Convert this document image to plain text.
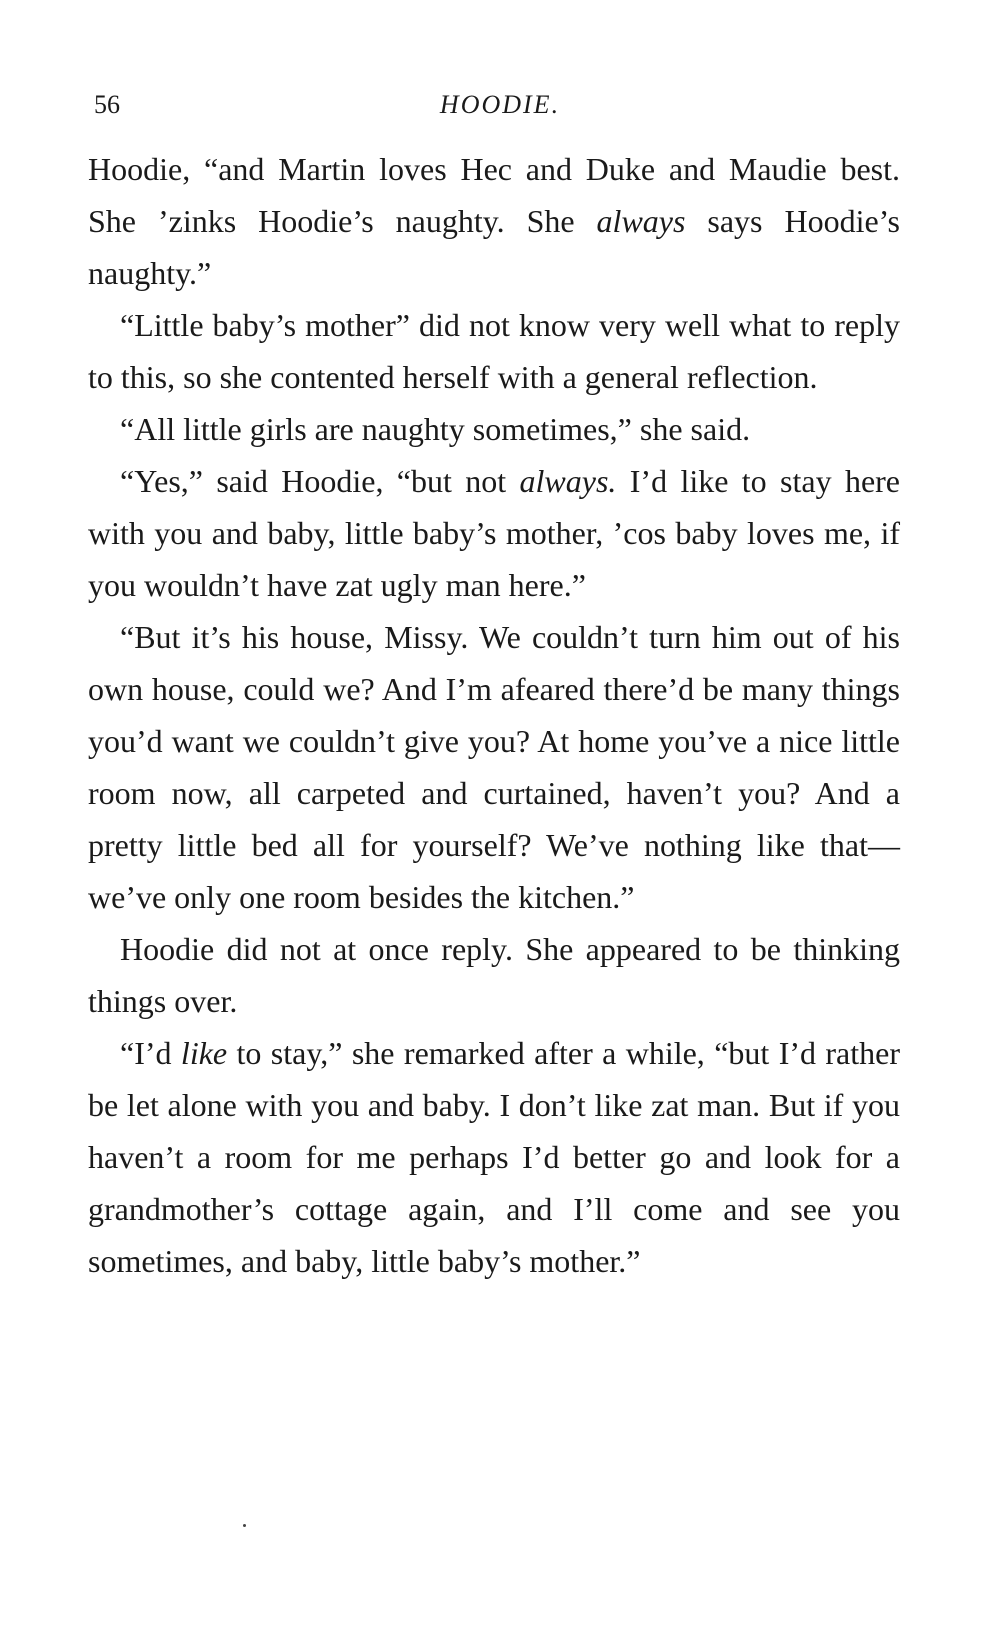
56	HOODIE.

Hoodie, “and Martin loves Hec and Duke and Maudie best. She ’zinks Hoodie’s naughty. She always says Hoodie’s naughty.”

“Little baby’s mother” did not know very well what to reply to this, so she contented herself with a general reflection.

“All little girls are naughty sometimes,” she said.

“Yes,” said Hoodie, “but not always. I’d like to stay here with you and baby, little baby’s mother, ’cos baby loves me, if you wouldn’t have zat ugly man here.”

“But it’s his house, Missy. We couldn’t turn him out of his own house, could we? And I’m afeared there’d be many things you’d want we couldn’t give you? At home you’ve a nice little room now, all carpeted and curtained, haven’t you? And a pretty little bed all for yourself? We’ve nothing like that—we’ve only one room besides the kitchen.”

Hoodie did not at once reply. She appeared to be thinking things over.

“I’d like to stay,” she remarked after a while, “but I’d rather be let alone with you and baby. I don’t like zat man. But if you haven’t a room for me perhaps I’d better go and look for a grandmother’s cottage again, and I’ll come and see you sometimes, and baby, little baby’s mother.”
